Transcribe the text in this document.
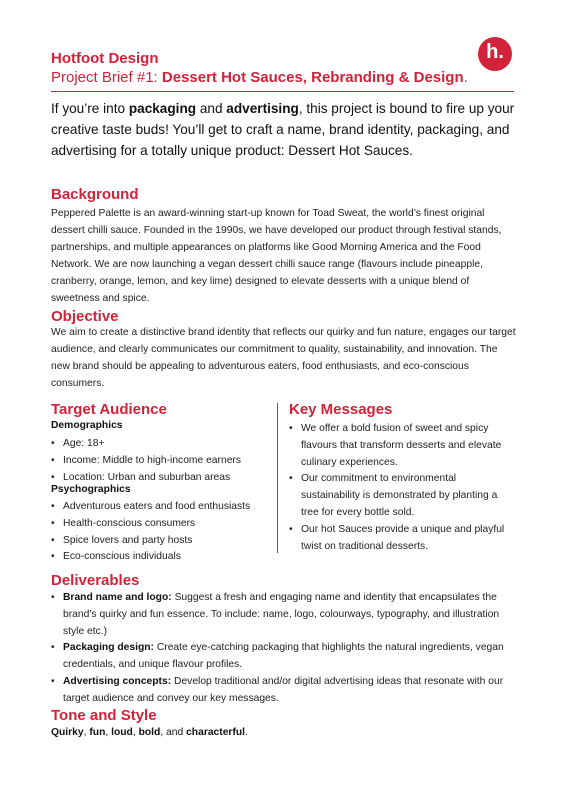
Hotfoot Design
Project Brief #1: Dessert Hot Sauces, Rebranding & Design.
h.
If you’re into packaging and advertising, this project is bound to fire up your creative taste buds! You’ll get to craft a name, brand identity, packaging, and advertising for a totally unique product: Dessert Hot Sauces.
Background
Peppered Palette is an award-winning start-up known for Toad Sweat, the world’s finest original dessert chilli sauce. Founded in the 1990s, we have developed our product through festival stands, partnerships, and multiple appearances on platforms like Good Morning America and the Food Network. We are now launching a vegan dessert chilli sauce range (flavours include pineapple, cranberry, orange, lemon, and key lime) designed to elevate desserts with a unique blend of sweetness and spice.
Objective
We aim to create a distinctive brand identity that reflects our quirky and fun nature, engages our target audience, and clearly communicates our commitment to quality, sustainability, and innovation. The new brand should be appealing to adventurous eaters, food enthusiasts, and eco-conscious consumers.
Target Audience
Demographics
• Age: 18+
• Income: Middle to high-income earners
• Location: Urban and suburban areas
Psychographics
• Adventurous eaters and food enthusiasts
• Health-conscious consumers
• Spice lovers and party hosts
• Eco-conscious individuals
Key Messages
• We offer a bold fusion of sweet and spicy flavours that transform desserts and elevate culinary experiences.
• Our commitment to environmental sustainability is demonstrated by planting a tree for every bottle sold.
• Our hot Sauces provide a unique and playful twist on traditional desserts.
Deliverables
• Brand name and logo: Suggest a fresh and engaging name and identity that encapsulates the brand’s quirky and fun essence. To include: name, logo, colourways, typography, and illustration style etc.)
• Packaging design: Create eye-catching packaging that highlights the natural ingredients, vegan credentials, and unique flavour profiles.
• Advertising concepts: Develop traditional and/or digital advertising ideas that resonate with our target audience and convey our key messages.
Tone and Style
Quirky, fun, loud, bold, and characterful.
